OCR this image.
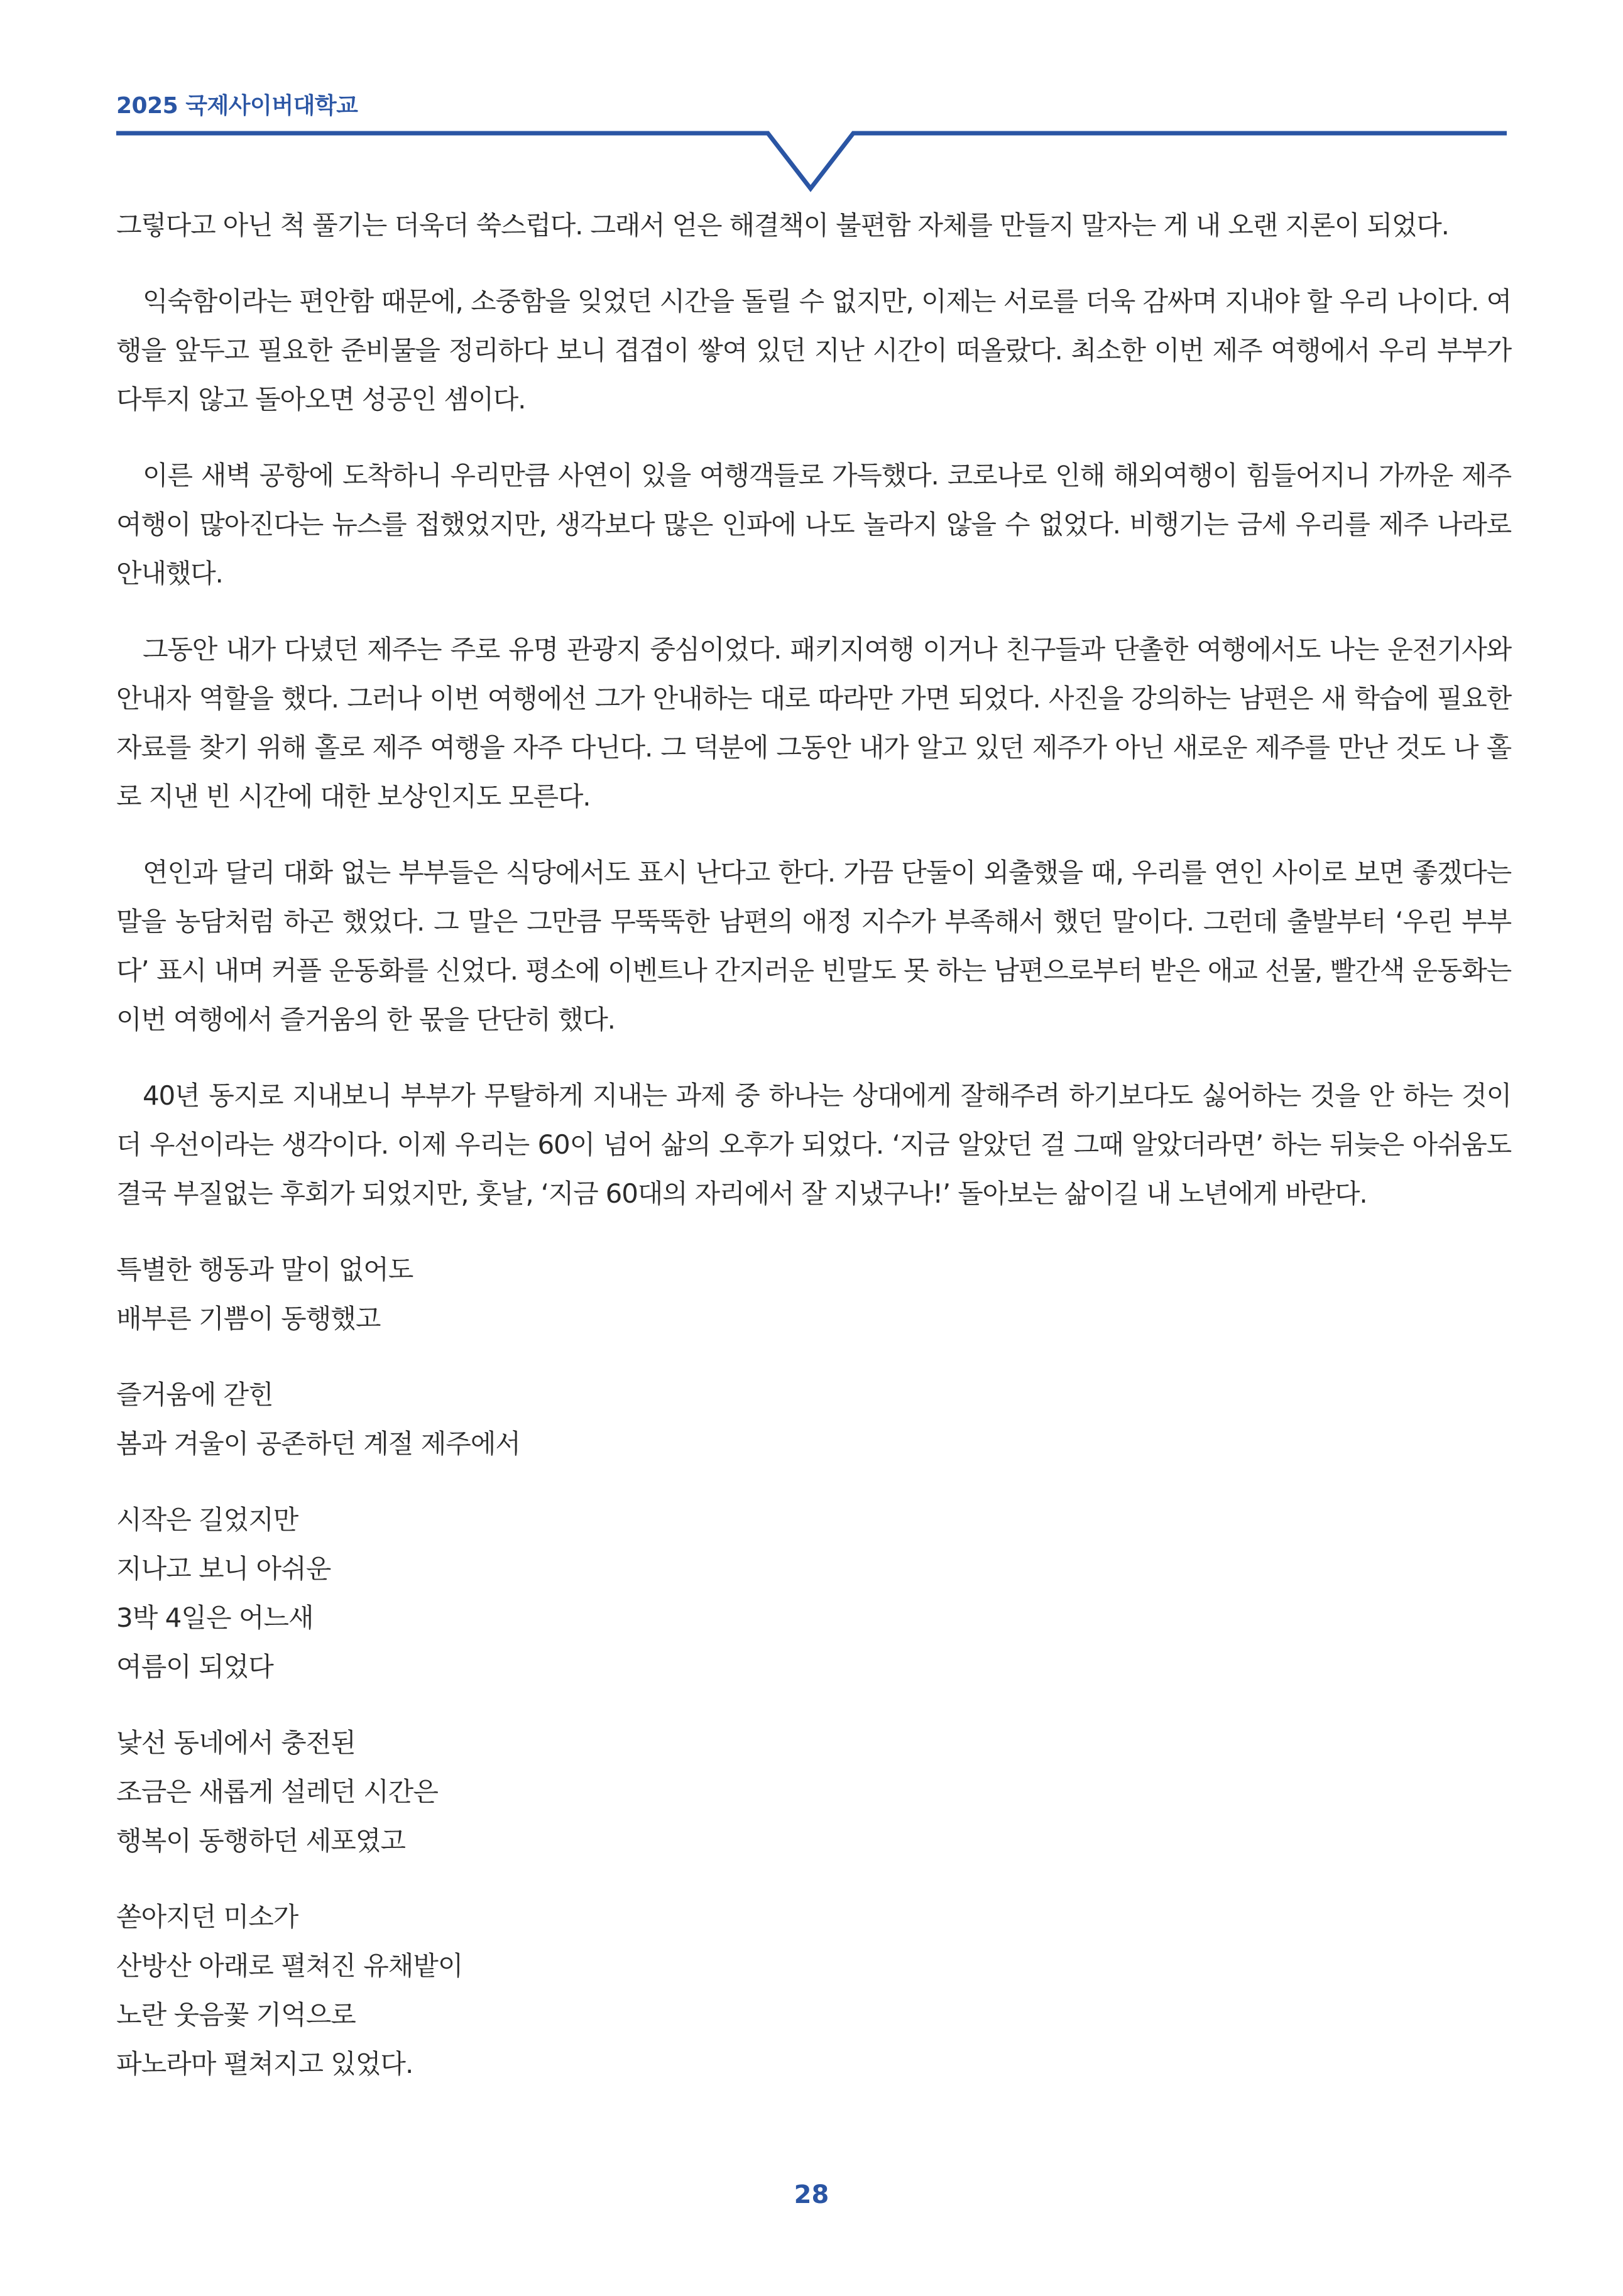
2025 국제사이버대학교

그렇다고 아닌 척 풀기는 더욱더 쑥스럽다. 그래서 얻은 해결책이 불편함 자체를 만들지 말자는 게 내 오랜 지론이 되었다.

익숙함이라는 편안함 때문에, 소중함을 잊었던 시간을 돌릴 수 없지만, 이제는 서로를 더욱 감싸며 지내야 할 우리 나이다. 여행을 앞두고 필요한 준비물을 정리하다 보니 겹겹이 쌓여 있던 지난 시간이 떠올랐다. 최소한 이번 제주 여행에서 우리 부부가 다투지 않고 돌아오면 성공인 셈이다.

이른 새벽 공항에 도착하니 우리만큼 사연이 있을 여행객들로 가득했다. 코로나로 인해 해외여행이 힘들어지니 가까운 제주 여행이 많아진다는 뉴스를 접했었지만, 생각보다 많은 인파에 나도 놀라지 않을 수 없었다. 비행기는 금세 우리를 제주 나라로 안내했다.

그동안 내가 다녔던 제주는 주로 유명 관광지 중심이었다. 패키지여행 이거나 친구들과 단촐한 여행에서도 나는 운전기사와 안내자 역할을 했다. 그러나 이번 여행에선 그가 안내하는 대로 따라만 가면 되었다. 사진을 강의하는 남편은 새 학습에 필요한 자료를 찾기 위해 홀로 제주 여행을 자주 다닌다. 그 덕분에 그동안 내가 알고 있던 제주가 아닌 새로운 제주를 만난 것도 나 홀로 지낸 빈 시간에 대한 보상인지도 모른다.

연인과 달리 대화 없는 부부들은 식당에서도 표시 난다고 한다. 가끔 단둘이 외출했을 때, 우리를 연인 사이로 보면 좋겠다는 말을 농담처럼 하곤 했었다. 그 말은 그만큼 무뚝뚝한 남편의 애정 지수가 부족해서 했던 말이다. 그런데 출발부터 ‘우린 부부다’ 표시 내며 커플 운동화를 신었다. 평소에 이벤트나 간지러운 빈말도 못 하는 남편으로부터 받은 애교 선물, 빨간색 운동화는 이번 여행에서 즐거움의 한 몫을 단단히 했다.

40년 동지로 지내보니 부부가 무탈하게 지내는 과제 중 하나는 상대에게 잘해주려 하기보다도 싫어하는 것을 안 하는 것이 더 우선이라는 생각이다. 이제 우리는 60이 넘어 삶의 오후가 되었다. ‘지금 알았던 걸 그때 알았더라면’ 하는 뒤늦은 아쉬움도 결국 부질없는 후회가 되었지만, 훗날, ‘지금 60대의 자리에서 잘 지냈구나!’ 돌아보는 삶이길 내 노년에게 바란다.

특별한 행동과 말이 없어도
배부른 기쁨이 동행했고
즐거움에 갇힌
봄과 겨울이 공존하던 계절 제주에서
시작은 길었지만
지나고 보니 아쉬운
3박 4일은 어느새
여름이 되었다
낯선 동네에서 충전된
조금은 새롭게 설레던 시간은
행복이 동행하던 세포였고
쏟아지던 미소가
산방산 아래로 펼쳐진 유채밭이
노란 웃음꽃 기억으로
파노라마 펼쳐지고 있었다.
28
